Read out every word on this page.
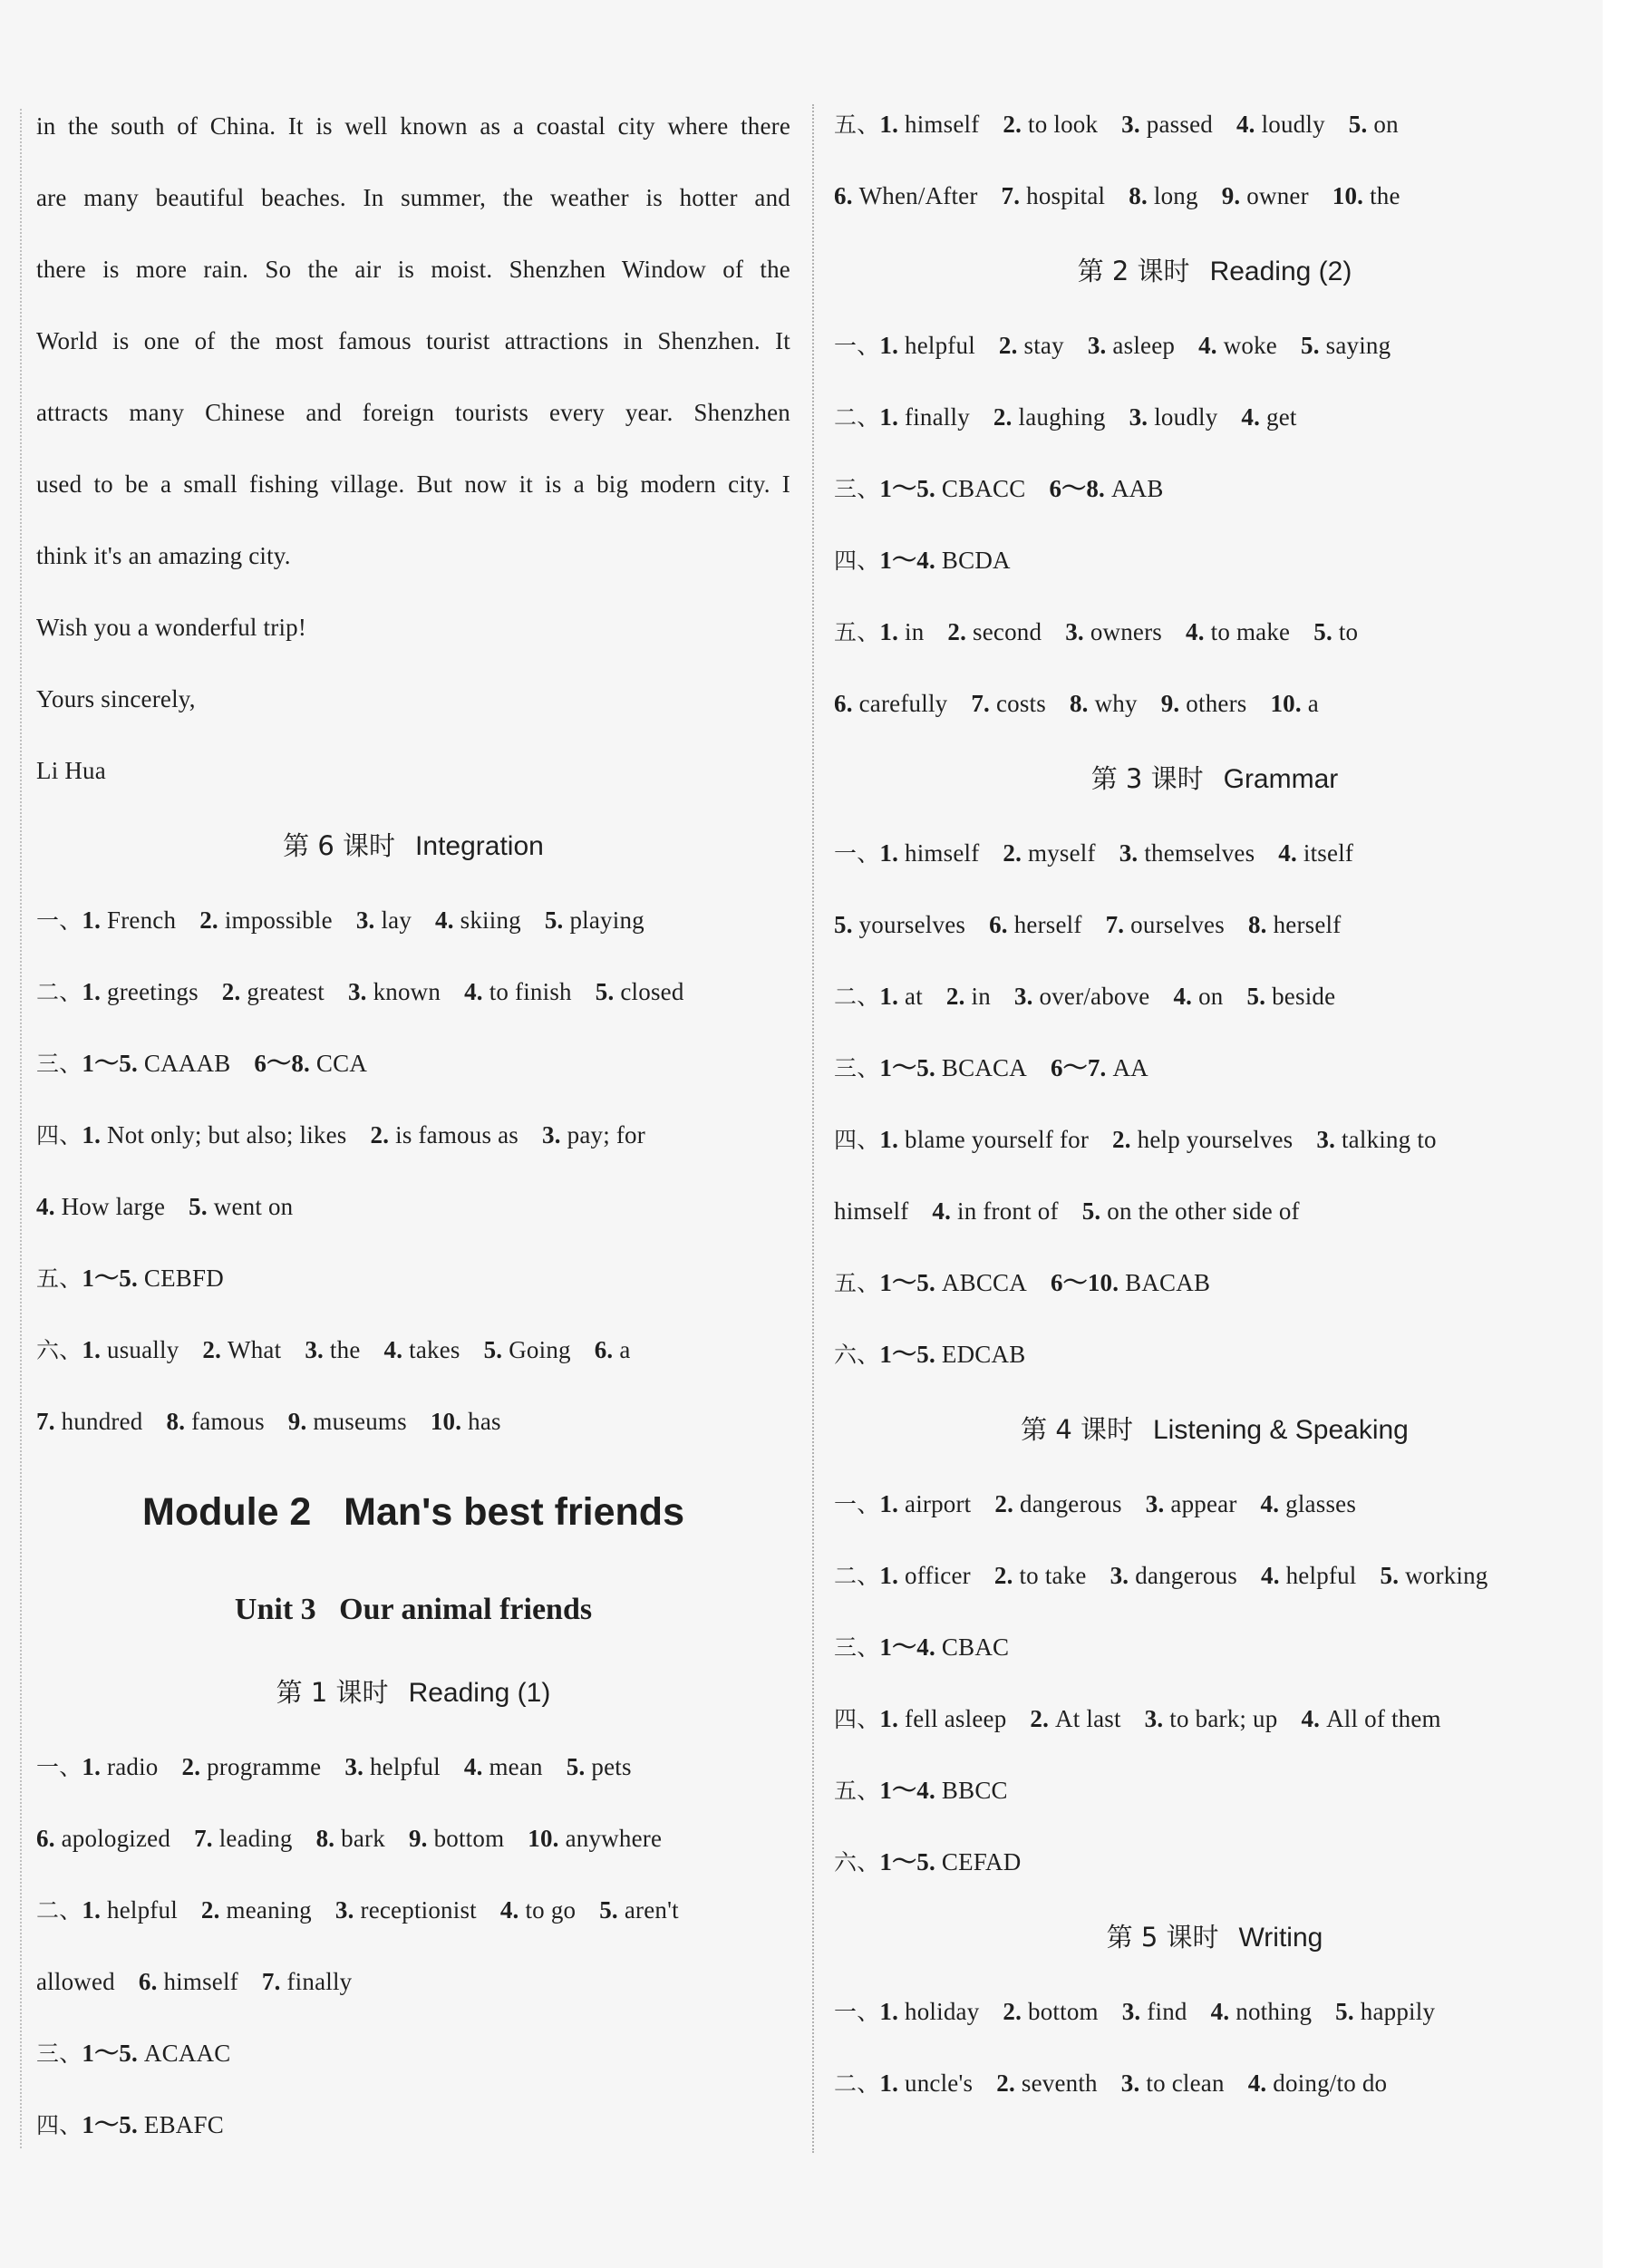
in the south of China. It is well known as a coastal city where there
are many beautiful beaches. In summer, the weather is hotter and
there is more rain. So the air is moist. Shenzhen Window of the
World is one of the most famous tourist attractions in Shenzhen. It
attracts many Chinese and foreign tourists every year. Shenzhen
used to be a small fishing village. But now it is a big modern city. I
think it's an amazing city.
Wish you a wonderful trip!
Yours sincerely,
Li Hua
第 6 课时 Integration
一、1. French 2. impossible 3. lay 4. skiing 5. playing
二、1. greetings 2. greatest 3. known 4. to finish 5. closed
三、1～5. CAAAB 6～8. CCA
四、1. Not only; but also; likes 2. is famous as 3. pay; for
4. How large 5. went on
五、1～5. CEBFD
六、1. usually 2. What 3. the 4. takes 5. Going 6. a
7. hundred 8. famous 9. museums 10. has
Module 2   Man's best friends
Unit 3   Our animal friends
第 1 课时 Reading (1)
一、1. radio 2. programme 3. helpful 4. mean 5. pets
6. apologized 7. leading 8. bark 9. bottom 10. anywhere
二、1. helpful 2. meaning 3. receptionist 4. to go 5. aren't
allowed 6. himself 7. finally
三、1～5. ACAAC
四、1～5. EBAFC
五、1. himself 2. to look 3. passed 4. loudly 5. on
6. When/After 7. hospital 8. long 9. owner 10. the
第 2 课时 Reading (2)
一、1. helpful 2. stay 3. asleep 4. woke 5. saying
二、1. finally 2. laughing 3. loudly 4. get
三、1～5. CBACC 6～8. AAB
四、1～4. BCDA
五、1. in 2. second 3. owners 4. to make 5. to
6. carefully 7. costs 8. why 9. others 10. a
第 3 课时 Grammar
一、1. himself 2. myself 3. themselves 4. itself
5. yourselves 6. herself 7. ourselves 8. herself
二、1. at 2. in 3. over/above 4. on 5. beside
三、1～5. BCACA 6～7. AA
四、1. blame yourself for 2. help yourselves 3. talking to
himself 4. in front of 5. on the other side of
五、1～5. ABCCA 6～10. BACAB
六、1～5. EDCAB
第 4 课时 Listening & Speaking
一、1. airport 2. dangerous 3. appear 4. glasses
二、1. officer 2. to take 3. dangerous 4. helpful 5. working
三、1～4. CBAC
四、1. fell asleep 2. At last 3. to bark; up 4. All of them
五、1～4. BBCC
六、1～5. CEFAD
第 5 课时 Writing
一、1. holiday 2. bottom 3. find 4. nothing 5. happily
二、1. uncle's 2. seventh 3. to clean 4. doing/to do
